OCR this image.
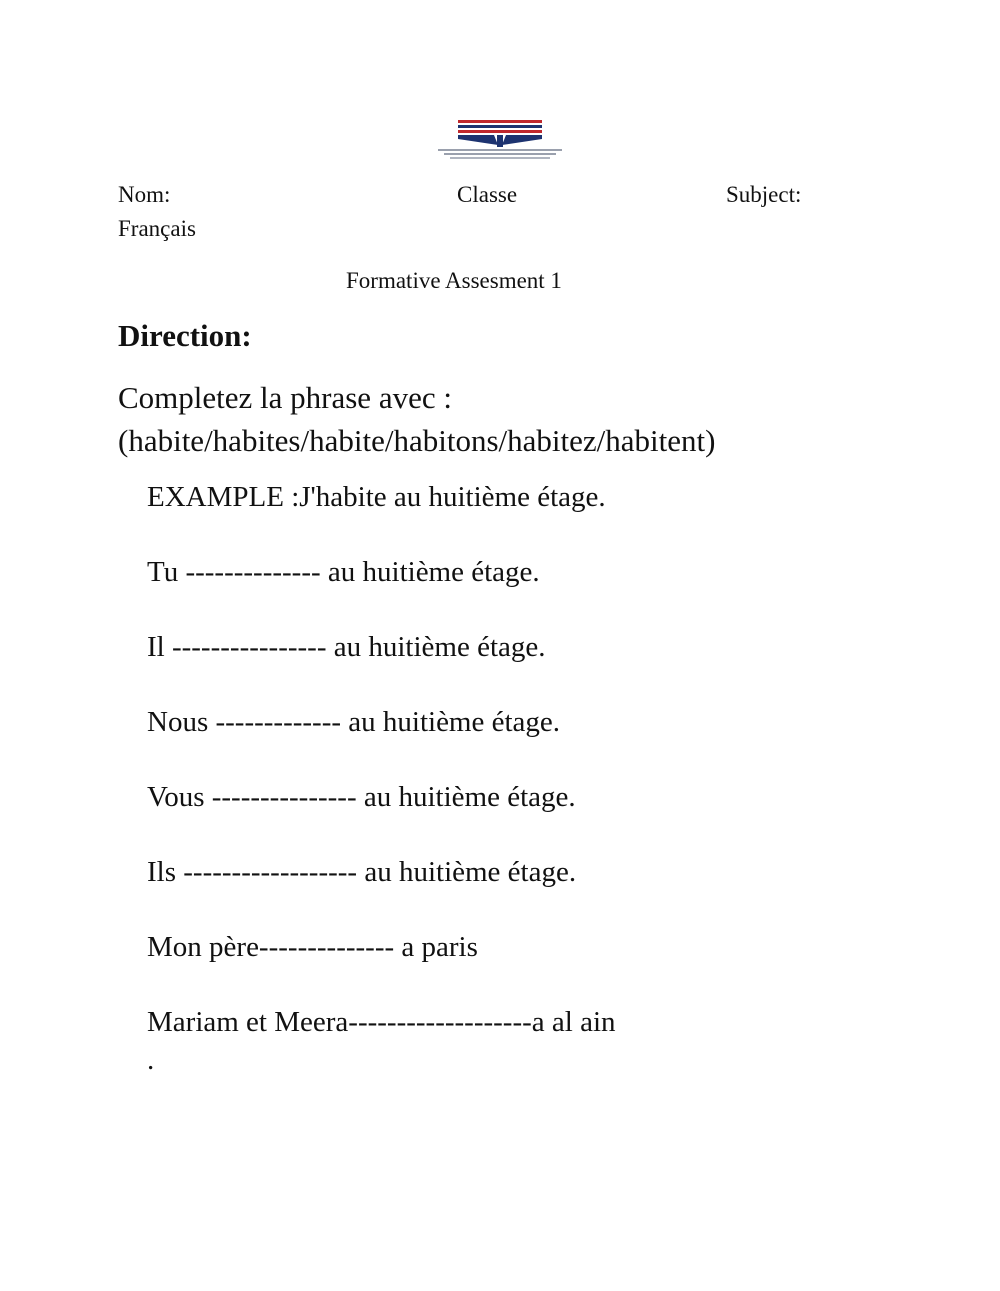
Nom:	Classe	Subject:
Français
Formative Assesment 1
Direction:
Completez la phrase avec :
(habite/habites/habite/habitons/habitez/habitent)
EXAMPLE :J'habite au huitième étage.
Tu -------------- au huitième étage.
Il ---------------- au huitième étage.
Nous ------------- au huitième étage.
Vous --------------- au huitième étage.
Ils ------------------ au huitième étage.
Mon père-------------- a paris
Mariam et Meera-------------------a al ain
.
